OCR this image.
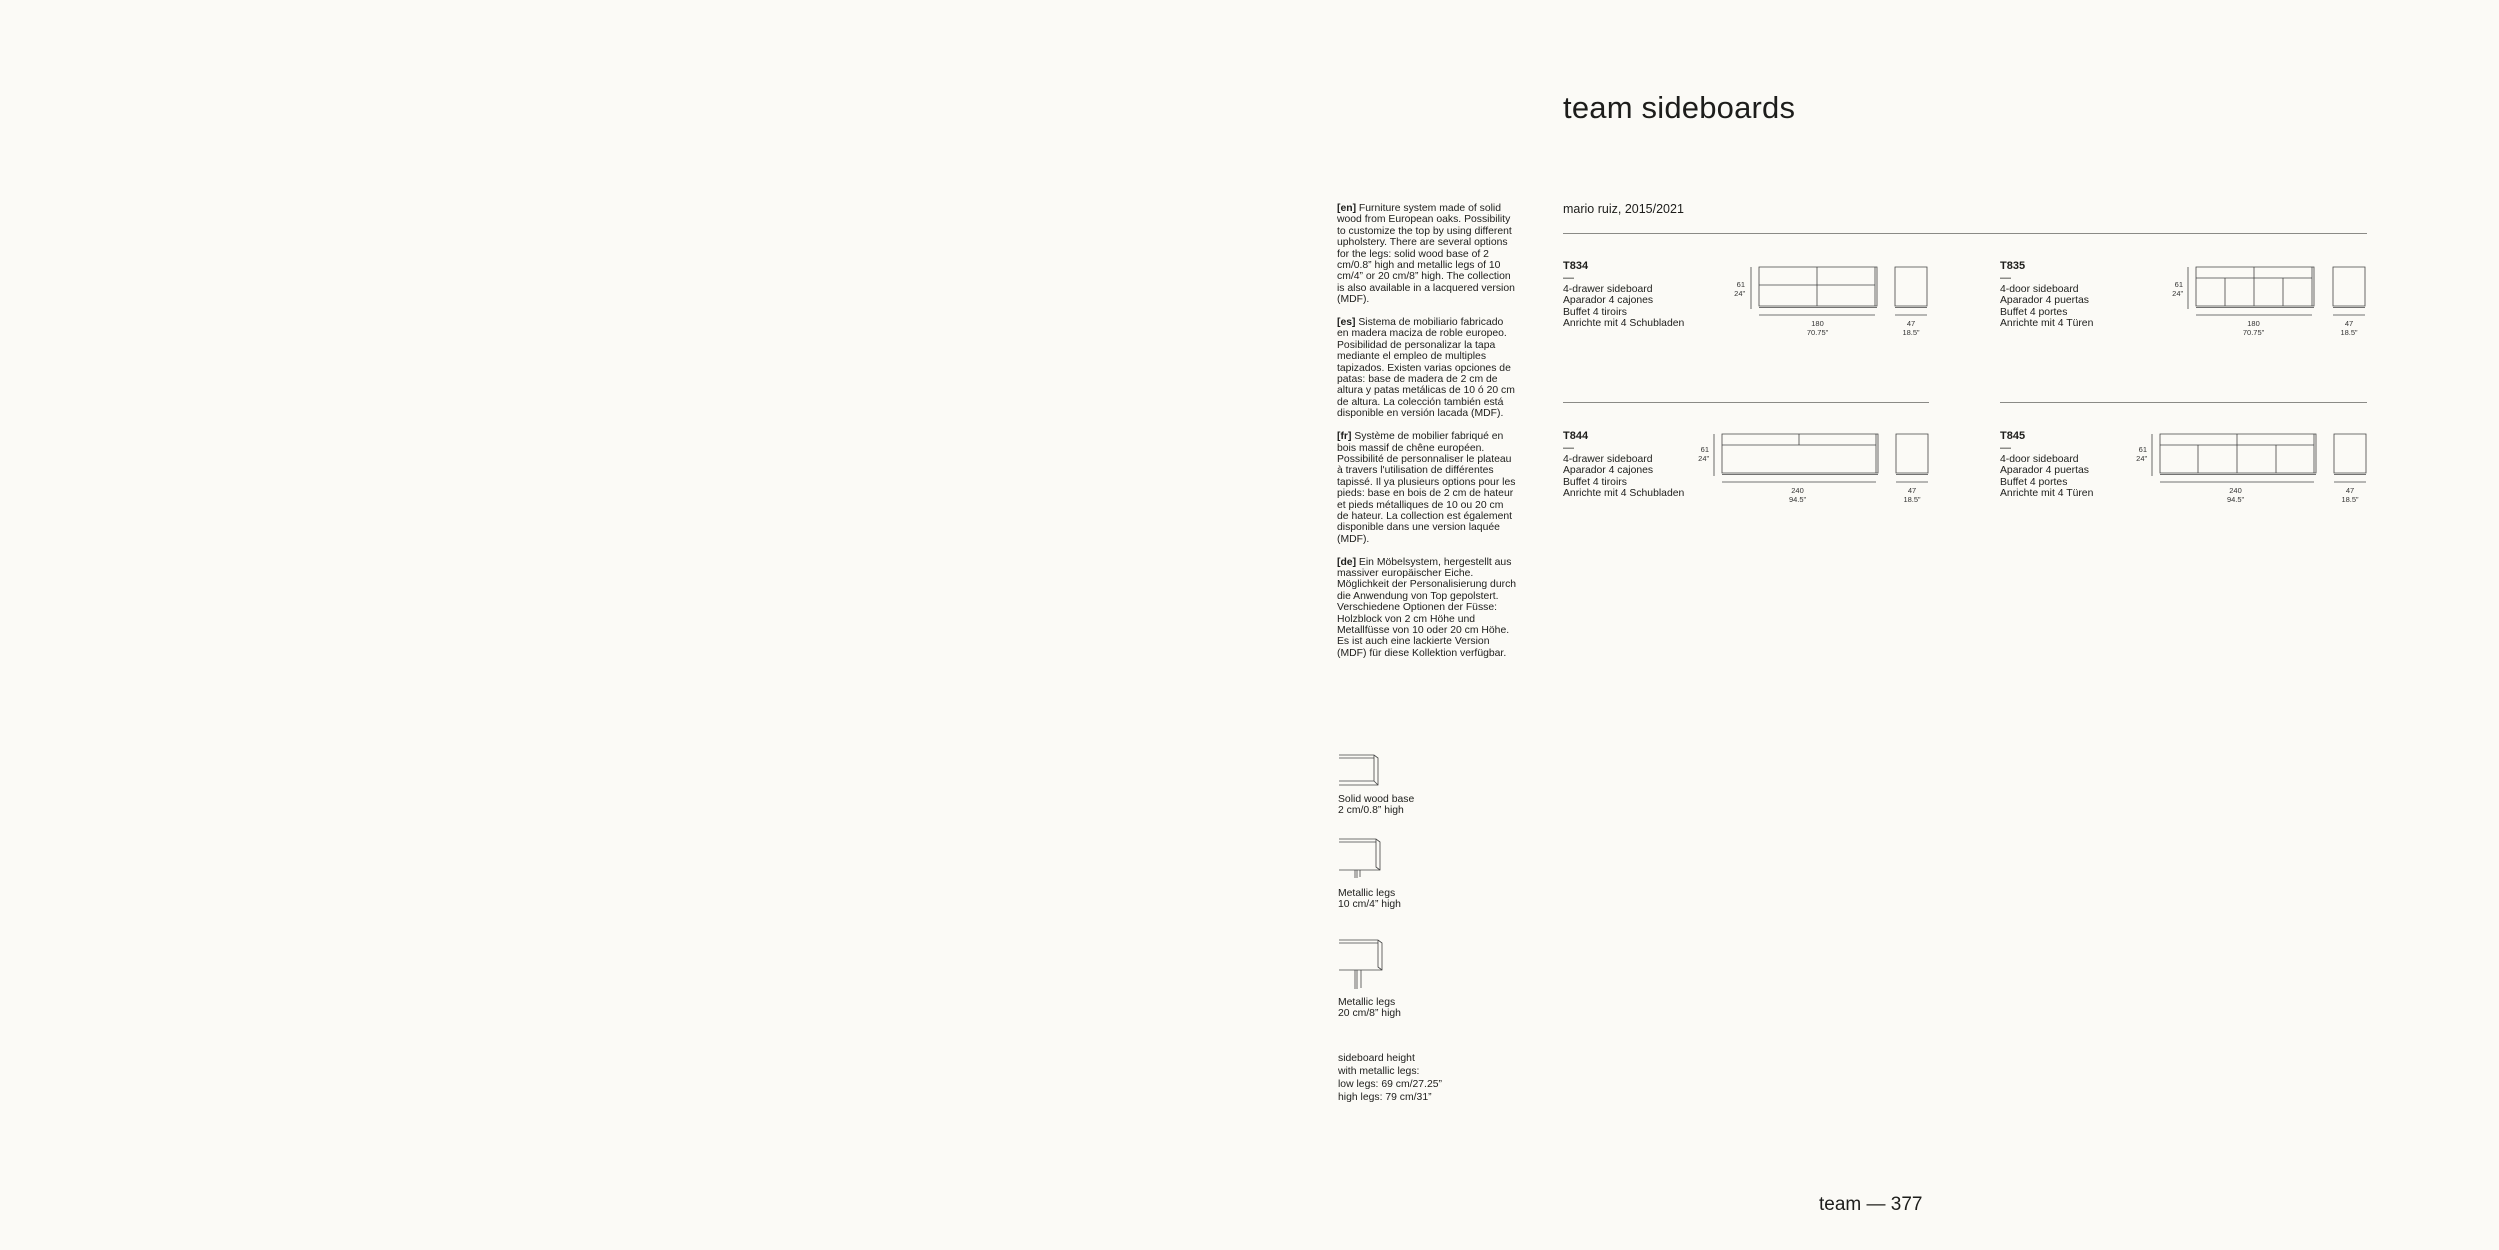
team sideboards
mario ruiz, 2015/2021

[en] Furniture system made of solid wood from European oaks. Possibility to customize the top by using different upholstery. There are several options for the legs: solid wood base of 2 cm/0.8” high and metallic legs of 10 cm/4” or 20 cm/8” high. The collection is also available in a lacquered version (MDF).

[es] Sistema de mobiliario fabricado en madera maciza de roble europeo. Posibilidad de personalizar la tapa mediante el empleo de multiples tapizados. Existen varias opciones de patas: base de madera de 2 cm de altura y patas metálicas de 10 ó 20 cm de altura. La colección también está disponible en versión lacada (MDF).

[fr] Système de mobilier fabriqué en bois massif de chêne européen. Possibilité de personnaliser le plateau à travers l'utilisation de différentes tapissé. Il ya plusieurs options pour les pieds: base en bois de 2 cm de hateur et pieds métalliques de 10 ou 20 cm de hateur. La collection est également disponible dans une version laquée (MDF).

[de] Ein Möbelsystem, hergestellt aus massiver europäischer Eiche. Möglichkeit der Personalisierung durch die Anwendung von Top gepolstert. Verschiedene Optionen der Füsse: Holzblock von 2 cm Höhe und Metallfüsse von 10 oder 20 cm Höhe. Es ist auch eine lackierte Version (MDF) für diese Kollektion verfügbar.

Solid wood base
2 cm/0.8” high
Metallic legs
10 cm/4” high
Metallic legs
20 cm/8” high
sideboard height
with metallic legs:
low legs: 69 cm/27.25”
high legs: 79 cm/31”
T834
—
4-drawer sideboard
Aparador 4 cajones
Buffet 4 tiroirs
Anrichte mit 4 Schubladen
61
24”
180
70.75”
47
18.5”
T835
—
4-door sideboard
Aparador 4 puertas
Buffet 4 portes
Anrichte mit 4 Türen
61
24”
180
70.75”
47
18.5”
T844
—
4-drawer sideboard
Aparador 4 cajones
Buffet 4 tiroirs
Anrichte mit 4 Schubladen
61
24”
240
94.5”
47
18.5”
T845
—
4-door sideboard
Aparador 4 puertas
Buffet 4 portes
Anrichte mit 4 Türen
61
24”
240
94.5”
47
18.5”
team — 377
